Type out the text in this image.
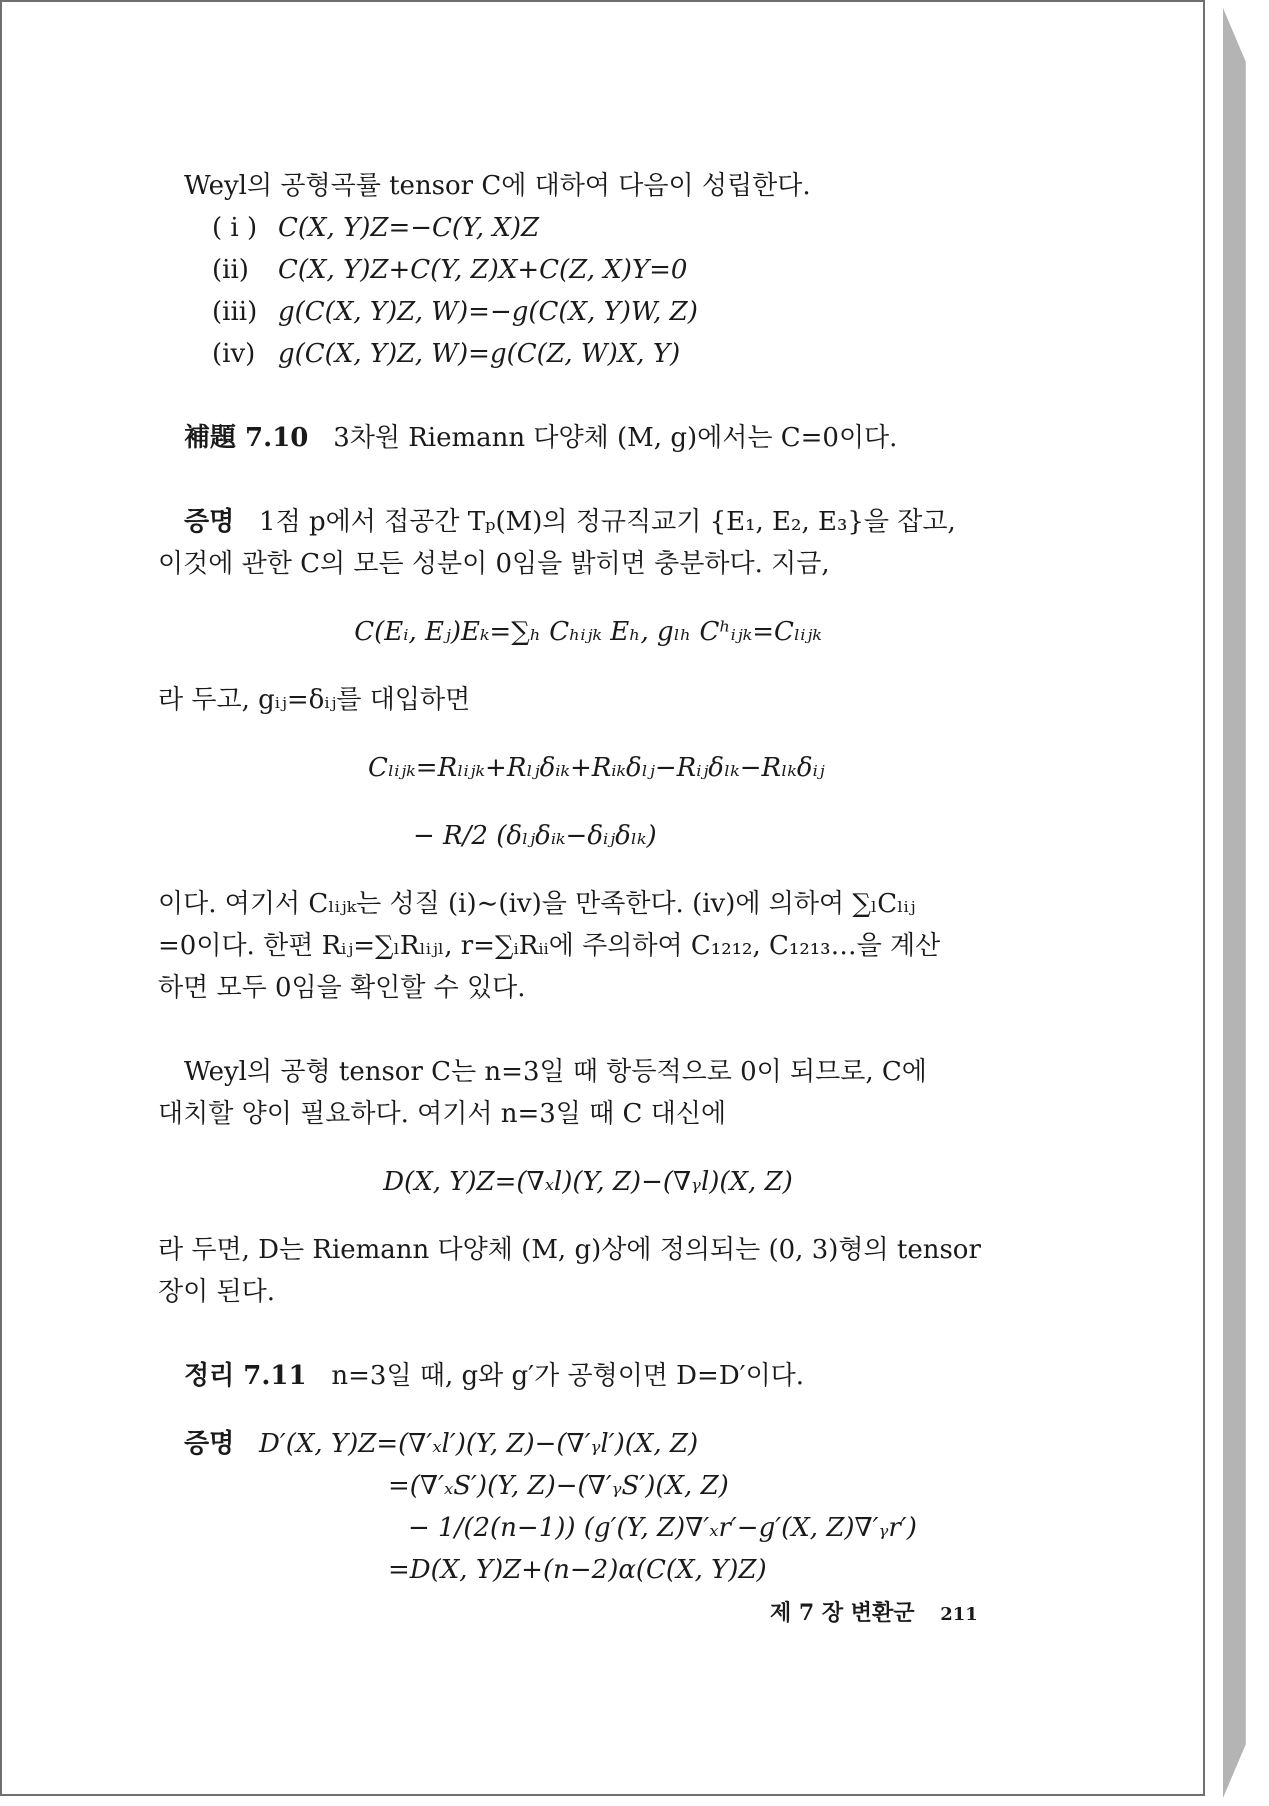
Weyl의 공형곡률 tensor C에 대하여 다음이 성립한다.

( i ) C(X, Y)Z=−C(Y, X)Z

(ii) C(X, Y)Z+C(Y, Z)X+C(Z, X)Y=0

(iii) g(C(X, Y)Z, W)=−g(C(X, Y)W, Z)

(iv) g(C(X, Y)Z, W)=g(C(Z, W)X, Y)

補題 7.10 3차원 Riemann 다양체 (M, g)에서는 C=0이다.

증명 1점 p에서 접공간 Tₚ(M)의 정규직교기 {E₁, E₂, E₃}을 잡고,

이것에 관한 C의 모든 성분이 0임을 밝히면 충분하다. 지금,

C(Eᵢ, Eⱼ)Eₖ=∑ₕ Cₕᵢⱼₖ Eₕ, gₗₕ Cʰᵢⱼₖ=Cₗᵢⱼₖ

라 두고, gᵢⱼ=δᵢⱼ를 대입하면

Cₗᵢⱼₖ=Rₗᵢⱼₖ+Rₗⱼδᵢₖ+Rᵢₖδₗⱼ−Rᵢⱼδₗₖ−Rₗₖδᵢⱼ

− R/2 (δₗⱼδᵢₖ−δᵢⱼδₗₖ)

이다. 여기서 Cₗᵢⱼₖ는 성질 (i)∼(iv)을 만족한다. (iv)에 의하여 ∑ₗCₗᵢⱼ

=0이다. 한편 Rᵢⱼ=∑ₗRₗᵢⱼₗ, r=∑ᵢRᵢᵢ에 주의하여 C₁₂₁₂, C₁₂₁₃…을 계산

하면 모두 0임을 확인할 수 있다.

Weyl의 공형 tensor C는 n=3일 때 항등적으로 0이 되므로, C에

대치할 양이 필요하다. 여기서 n=3일 때 C 대신에

D(X, Y)Z=(∇ₓl)(Y, Z)−(∇ᵧl)(X, Z)

라 두면, D는 Riemann 다양체 (M, g)상에 정의되는 (0, 3)형의 tensor

장이 된다.

정리 7.11 n=3일 때, g와 g′가 공형이면 D=D′이다.

증명 D′(X, Y)Z=(∇′ₓl′)(Y, Z)−(∇′ᵧl′)(X, Z)

=(∇′ₓS′)(Y, Z)−(∇′ᵧS′)(X, Z)

− 1/(2(n−1)) (g′(Y, Z)∇′ₓr′−g′(X, Z)∇′ᵧr′)

=D(X, Y)Z+(n−2)α(C(X, Y)Z)

제 7 장 변환군 211
